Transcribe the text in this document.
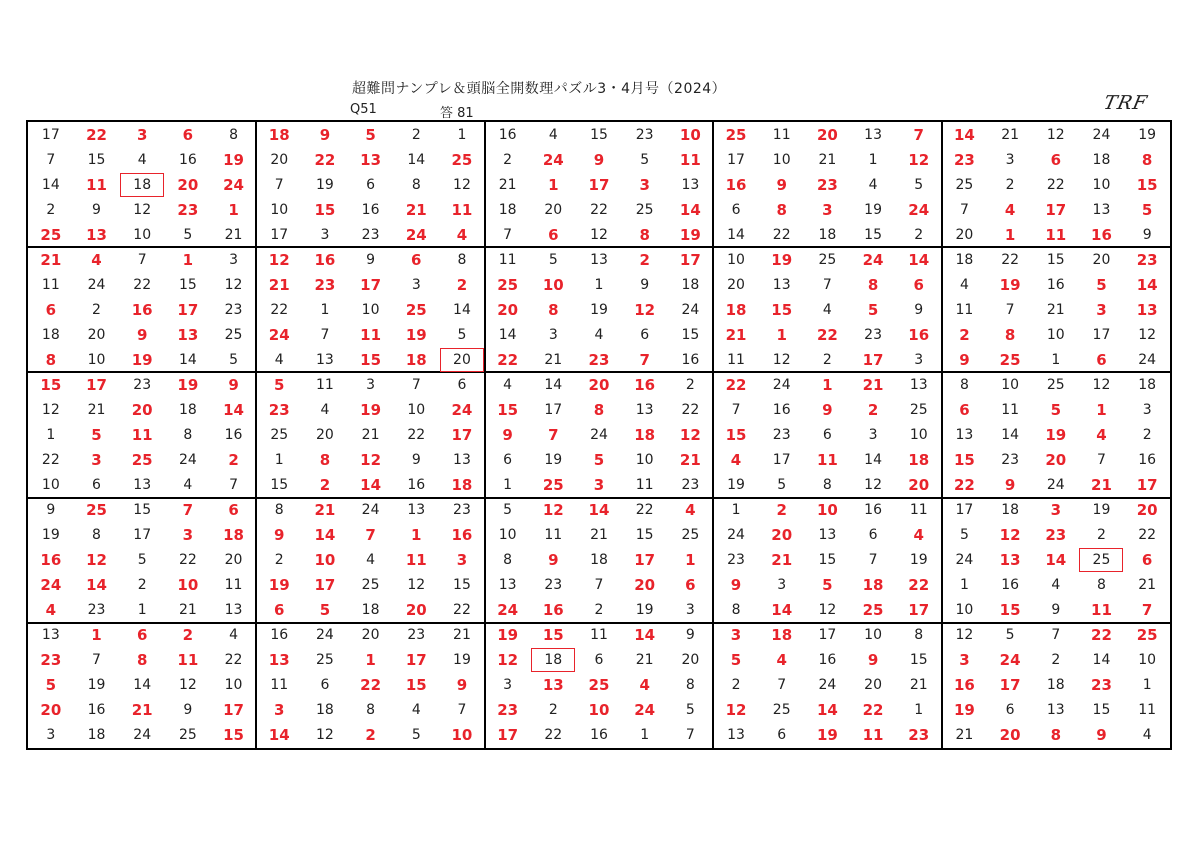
超難問ナンプレ＆頭脳全開数理パズル3・4月号（2024）
Q51	答 81	TRF
17	22	3	6	8	18	9	5	2	1	16	4	15	23	10	25	11	20	13	7	14	21	12	24	19
7	15	4	16	19	20	22	13	14	25	2	24	9	5	11	17	10	21	1	12	23	3	6	18	8
14	11	18	20	24	7	19	6	8	12	21	1	17	3	13	16	9	23	4	5	25	2	22	10	15
2	9	12	23	1	10	15	16	21	11	18	20	22	25	14	6	8	3	19	24	7	4	17	13	5
25	13	10	5	21	17	3	23	24	4	7	6	12	8	19	14	22	18	15	2	20	1	11	16	9
21	4	7	1	3	12	16	9	6	8	11	5	13	2	17	10	19	25	24	14	18	22	15	20	23
11	24	22	15	12	21	23	17	3	2	25	10	1	9	18	20	13	7	8	6	4	19	16	5	14
6	2	16	17	23	22	1	10	25	14	20	8	19	12	24	18	15	4	5	9	11	7	21	3	13
18	20	9	13	25	24	7	11	19	5	14	3	4	6	15	21	1	22	23	16	2	8	10	17	12
8	10	19	14	5	4	13	15	18	20	22	21	23	7	16	11	12	2	17	3	9	25	1	6	24
15	17	23	19	9	5	11	3	7	6	4	14	20	16	2	22	24	1	21	13	8	10	25	12	18
12	21	20	18	14	23	4	19	10	24	15	17	8	13	22	7	16	9	2	25	6	11	5	1	3
1	5	11	8	16	25	20	21	22	17	9	7	24	18	12	15	23	6	3	10	13	14	19	4	2
22	3	25	24	2	1	8	12	9	13	6	19	5	10	21	4	17	11	14	18	15	23	20	7	16
10	6	13	4	7	15	2	14	16	18	1	25	3	11	23	19	5	8	12	20	22	9	24	21	17
9	25	15	7	6	8	21	24	13	23	5	12	14	22	4	1	2	10	16	11	17	18	3	19	20
19	8	17	3	18	9	14	7	1	16	10	11	21	15	25	24	20	13	6	4	5	12	23	2	22
16	12	5	22	20	2	10	4	11	3	8	9	18	17	1	23	21	15	7	19	24	13	14	25	6
24	14	2	10	11	19	17	25	12	15	13	23	7	20	6	9	3	5	18	22	1	16	4	8	21
4	23	1	21	13	6	5	18	20	22	24	16	2	19	3	8	14	12	25	17	10	15	9	11	7
13	1	6	2	4	16	24	20	23	21	19	15	11	14	9	3	18	17	10	8	12	5	7	22	25
23	7	8	11	22	13	25	1	17	19	12	18	6	21	20	5	4	16	9	15	3	24	2	14	10
5	19	14	12	10	11	6	22	15	9	3	13	25	4	8	2	7	24	20	21	16	17	18	23	1
20	16	21	9	17	3	18	8	4	7	23	2	10	24	5	12	25	14	22	1	19	6	13	15	11
3	18	24	25	15	14	12	2	5	10	17	22	16	1	7	13	6	19	11	23	21	20	8	9	4
